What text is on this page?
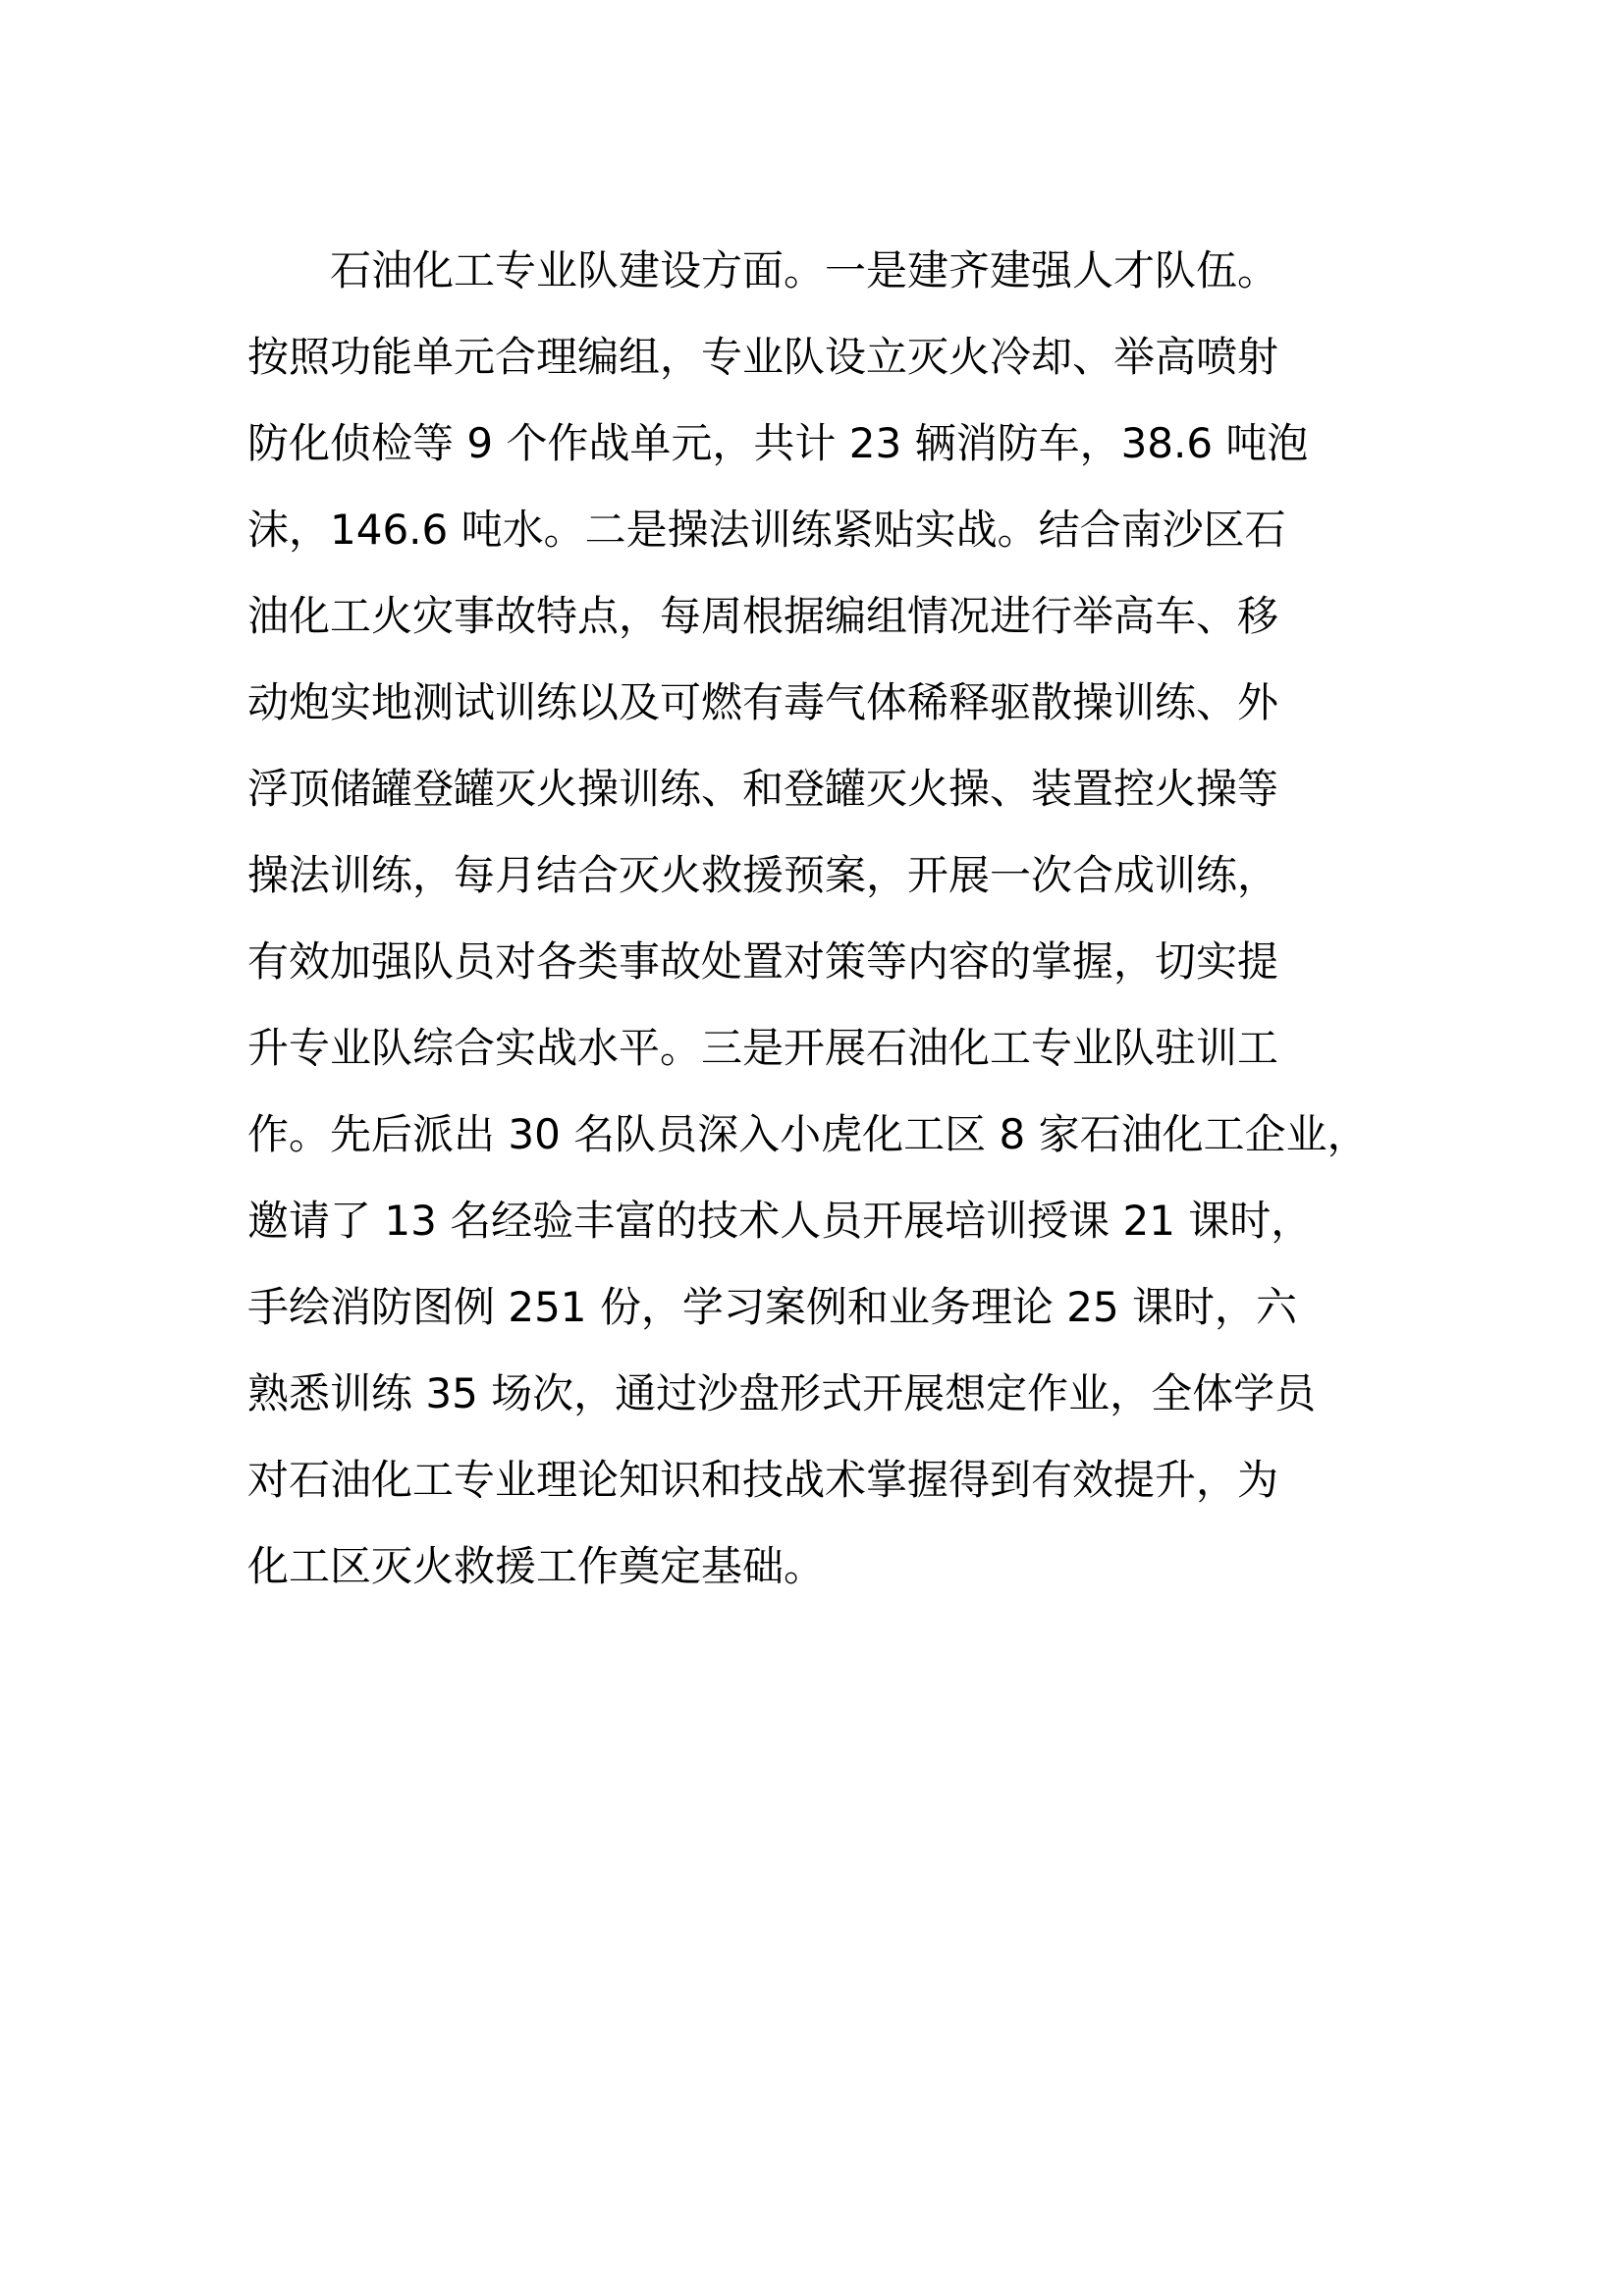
石油化工专业队建设方面。一是建齐建强人才队伍。
按照功能单元合理编组，专业队设立灭火冷却、举高喷射
防化侦检等 9 个作战单元，共计 23 辆消防车，38.6 吨泡
沫，146.6 吨水。二是操法训练紧贴实战。结合南沙区石
油化工火灾事故特点，每周根据编组情况进行举高车、移
动炮实地测试训练以及可燃有毒气体稀释驱散操训练、外
浮顶储罐登罐灭火操训练、和登罐灭火操、装置控火操等
操法训练，每月结合灭火救援预案，开展一次合成训练，
有效加强队员对各类事故处置对策等内容的掌握，切实提
升专业队综合实战水平。三是开展石油化工专业队驻训工
作。先后派出 30 名队员深入小虎化工区 8 家石油化工企业，
邀请了 13 名经验丰富的技术人员开展培训授课 21 课时，
手绘消防图例 251 份，学习案例和业务理论 25 课时，六
熟悉训练 35 场次，通过沙盘形式开展想定作业，全体学员
对石油化工专业理论知识和技战术掌握得到有效提升，为
化工区灭火救援工作奠定基础。
